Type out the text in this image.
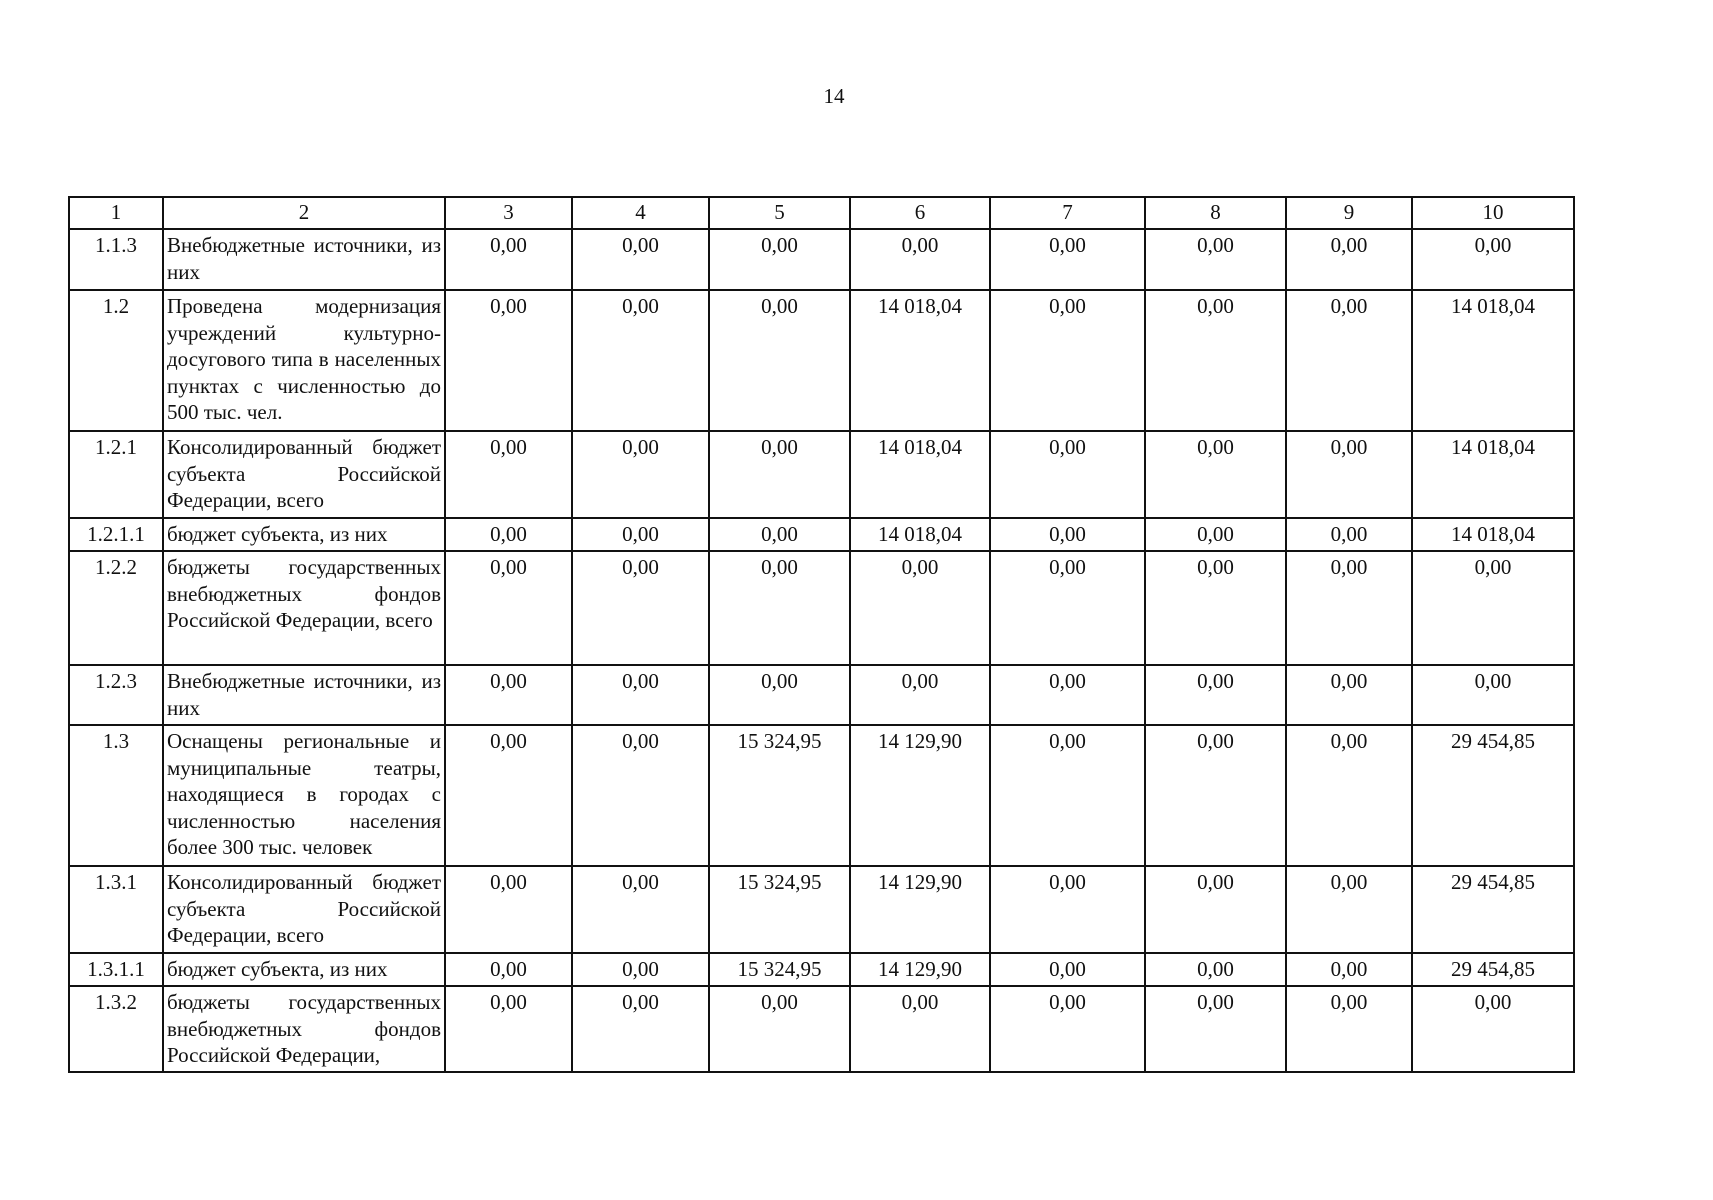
14
1	2	3	4	5	6	7	8	9	10
1.1.3	Внебюджетные источники, из них	0,00	0,00	0,00	0,00	0,00	0,00	0,00	0,00
1.2	Проведена модернизация учреждений культурно-досугового типа в населенных пунктах с численностью до 500 тыс. чел.	0,00	0,00	0,00	14 018,04	0,00	0,00	0,00	14 018,04
1.2.1	Консолидированный бюджет субъекта Российской Федерации, всего	0,00	0,00	0,00	14 018,04	0,00	0,00	0,00	14 018,04
1.2.1.1	бюджет субъекта, из них	0,00	0,00	0,00	14 018,04	0,00	0,00	0,00	14 018,04
1.2.2	бюджеты государственных внебюджетных фондов Российской Федерации, всего	0,00	0,00	0,00	0,00	0,00	0,00	0,00	0,00
1.2.3	Внебюджетные источники, из них	0,00	0,00	0,00	0,00	0,00	0,00	0,00	0,00
1.3	Оснащены региональные и муниципальные театры, находящиеся в городах с численностью населения более 300 тыс. человек	0,00	0,00	15 324,95	14 129,90	0,00	0,00	0,00	29 454,85
1.3.1	Консолидированный бюджет субъекта Российской Федерации, всего	0,00	0,00	15 324,95	14 129,90	0,00	0,00	0,00	29 454,85
1.3.1.1	бюджет субъекта, из них	0,00	0,00	15 324,95	14 129,90	0,00	0,00	0,00	29 454,85
1.3.2	бюджеты государственных внебюджетных фондов Российской Федерации,	0,00	0,00	0,00	0,00	0,00	0,00	0,00	0,00
